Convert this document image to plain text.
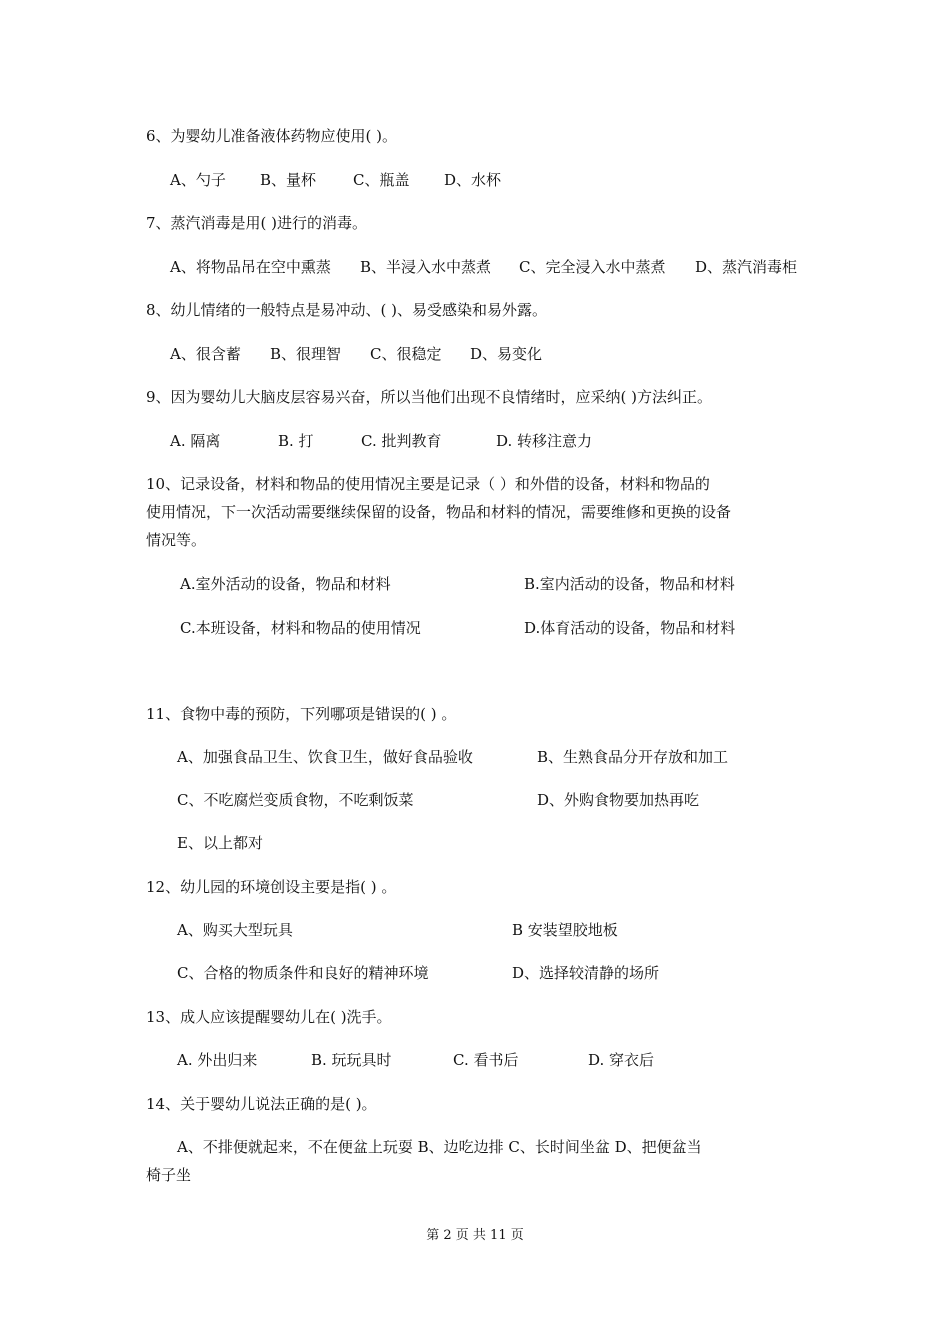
6、为婴幼儿准备液体药物应使用( )。
A、勺子 B、量杯 C、瓶盖 D、水杯
7、蒸汽消毒是用( )进行的消毒。
A、将物品吊在空中熏蒸 B、半浸入水中蒸煮 C、完全浸入水中蒸煮 D、蒸汽消毒柜
8、幼儿情绪的一般特点是易冲动、( )、易受感染和易外露。
A、很含蓄 B、很理智 C、很稳定 D、易变化
9、因为婴幼儿大脑皮层容易兴奋，所以当他们出现不良情绪时，应采纳( )方法纠正。
A. 隔离	B. 打	C. 批判教育	D. 转移注意力
10、记录设备，材料和物品的使用情况主要是记录（ ）和外借的设备，材料和物品的
使用情况，下一次活动需要继续保留的设备，物品和材料的情况，需要维修和更换的设备
情况等。
A.室外活动的设备，物品和材料	B.室内活动的设备，物品和材料
C.本班设备，材料和物品的使用情况	D.体育活动的设备，物品和材料
11、食物中毒的预防，下列哪项是错误的( ) 。
A、加强食品卫生、饮食卫生，做好食品验收	B、生熟食品分开存放和加工
C、不吃腐烂变质食物，不吃剩饭菜	D、外购食物要加热再吃
E、以上都对
12、幼儿园的环境创设主要是指( ) 。
A、购买大型玩具	B 安装望胶地板
C、合格的物质条件和良好的精神环境	D、选择较清静的场所
13、成人应该提醒婴幼儿在( )洗手。
A. 外出归来	B. 玩玩具时	C. 看书后	D. 穿衣后
14、关于婴幼儿说法正确的是( )。
A、不排便就起来，不在便盆上玩耍 B、边吃边排 C、长时间坐盆 D、把便盆当
椅子坐
第 2 页 共 11 页
